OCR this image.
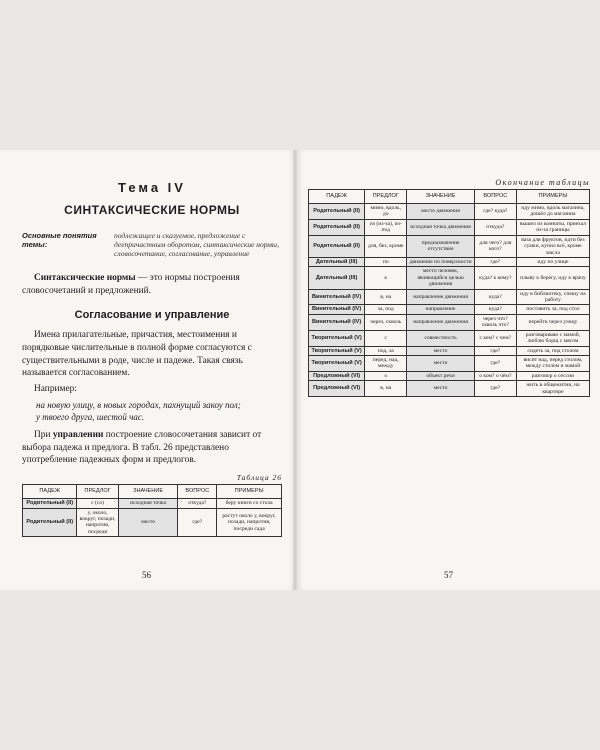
Тема IV
СИНТАКСИЧЕСКИЕ НОРМЫ
Основные понятия темы:
подлежащее и сказуемое, предложение с деепричастным оборотом, синтаксические нормы, словосочетание, согласование, управление

Синтаксические нормы — это нормы построения словосочетаний и предложений.

Согласование и управление

Имена прилагательные, причастия, местоимения и порядковые числительные в полной форме согласуются с существительными в роде, числе и падеже. Такая связь называется согласованием.

Например:

на новую улицу, в новых городах, пахнущий закоу пол;
у твоего друга, шестой час.

При управлении построение словосочетания зависит от выбора падежа и предлога. В табл. 26 представлено употребление падежных форм и предлогов.

Таблица 26
ПАДЕЖ	ПРЕДЛОГ	ЗНАЧЕНИЕ	ВОПРОС	ПРИМЕРЫ
Родительный (II)	с (со)	исходная точка	откуда?	беру книги со стола
Родительный (II)	у, около, вокруг, позади, напротив, посреди	место	где?	растут около у, вокруг, позади, напротив, посреди сада
56
Окончание таблицы
ПАДЕЖ	ПРЕДЛОГ	ЗНАЧЕНИЕ	ВОПРОС	ПРИМЕРЫ
Родительный (II)	мимо, вдоль, до	место движения	где? куда?	иду мимо, вдоль магазина, дошёл до магазина
Родительный (II)	из (из-за), из-под	исходная точка движения	откуда?	вышел из комнаты, приехал из-за границы
Родительный (II)	для, без, кроме	предназначение отсутствие	для чего? для кого?	ваза для фруктов, идти без сумки, купил всё, кроме масла
Дательный (III)	по	движение по поверхности	где?	иду по улице
Дательный (III)	к	место человек, являющийся целью движения	куда? к кому?	плыву к берегу, иду к врачу
Винительный (IV)	в, на	направление движения	куда?	иду в библиотеку, спешу на работу
Винительный (IV)	за, под	направление	куда?	поставить за, под стол
Винительный (IV)	через, сквозь	направление движения	через что? сквозь что?	перейти через улицу
Творительный (V)	с	совместность	с кем? с чем?	разговариваю с мамой, люблю борщ с мясом
Творительный (V)	под, за	место	где?	сидеть за, под столом
Творительный (V)	перед, над, между	место	где?	висит над, перед столом, между столом и мамой
Предложный (VI)	о	объект речи	о ком? о чём?	разговор о сессии
Предложный (VI)	в, на	место	где?	жить в общежитии, на квартире
57
